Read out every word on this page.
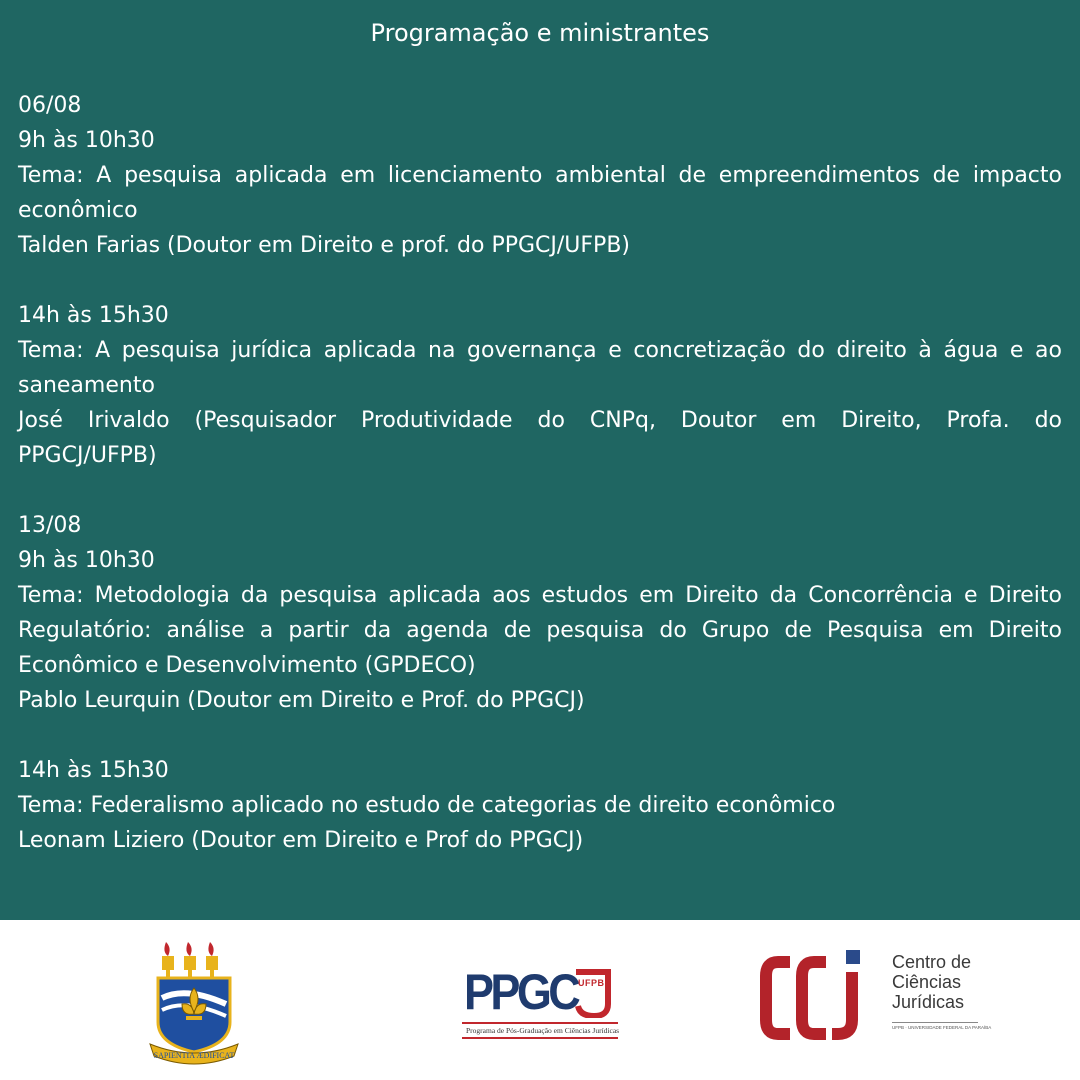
Programação e ministrantes
06/08
9h às 10h30
Tema: A pesquisa aplicada em licenciamento ambiental de empreendimentos de impacto
econômico
Talden Farias (Doutor em Direito e prof. do PPGCJ/UFPB)
14h às 15h30
Tema: A pesquisa jurídica aplicada na governança e concretização do direito à água e ao
saneamento
José Irivaldo (Pesquisador Produtividade do CNPq, Doutor em Direito, Profa. do
PPGCJ/UFPB)
13/08
9h às 10h30
Tema: Metodologia da pesquisa aplicada aos estudos em Direito da Concorrência e Direito
Regulatório: análise a partir da agenda de pesquisa do Grupo de Pesquisa em Direito
Econômico e Desenvolvimento (GPDECO)
Pablo Leurquin (Doutor em Direito e Prof. do PPGCJ)
14h às 15h30
Tema: Federalismo aplicado no estudo de categorias de direito econômico
Leonam Liziero (Doutor em Direito e Prof do PPGCJ)
SAPIENTIA ÆDIFICAT
PPGC UFPB
Programa de Pós-Graduação em Ciências Jurídicas
Centro de
Ciências
Jurídicas
UFPB · UNIVERSIDADE FEDERAL DA PARAÍBA
